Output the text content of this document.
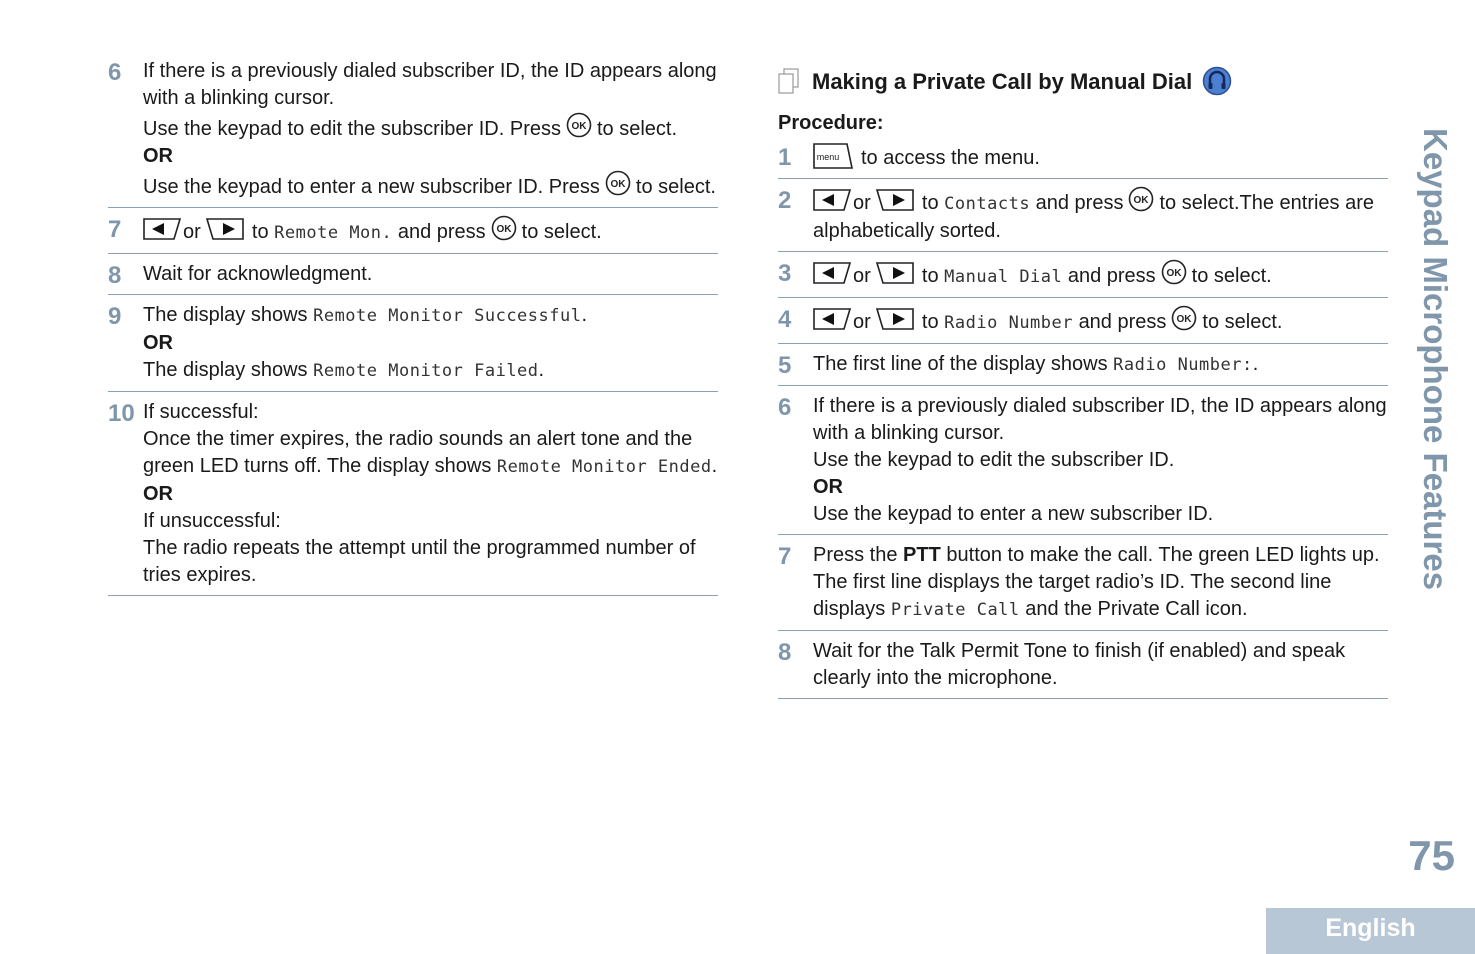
6 If there is a previously dialed subscriber ID, the ID appears along with a blinking cursor.
Use the keypad to edit the subscriber ID. Press to select.
OR
Use the keypad to enter a new subscriber ID. Press to select.
7	or	to Remote Mon. and press to select.
8 Wait for acknowledgment.
9 The display shows Remote Monitor Successful.
OR
The display shows Remote Monitor Failed.
10 If successful:
Once the timer expires, the radio sounds an alert tone and the green LED turns off. The display shows Remote Monitor Ended.
OR
If unsuccessful:
The radio repeats the attempt until the programmed number of tries expires.
Making a Private Call by Manual Dial
Procedure:
1	to access the menu.
2	or	to Contacts and press to select.The entries are alphabetically sorted.
3	or	to Manual Dial and press to select.
4	or	to Radio Number and press to select.
5 The first line of the display shows Radio Number:.
6 If there is a previously dialed subscriber ID, the ID appears along with a blinking cursor.
Use the keypad to edit the subscriber ID.
OR
Use the keypad to enter a new subscriber ID.
7 Press the PTT button to make the call. The green LED lights up. The first line displays the target radio’s ID. The second line displays Private Call and the Private Call icon.
8 Wait for the Talk Permit Tone to finish (if enabled) and speak clearly into the microphone.
Keypad Microphone Features
75
English
